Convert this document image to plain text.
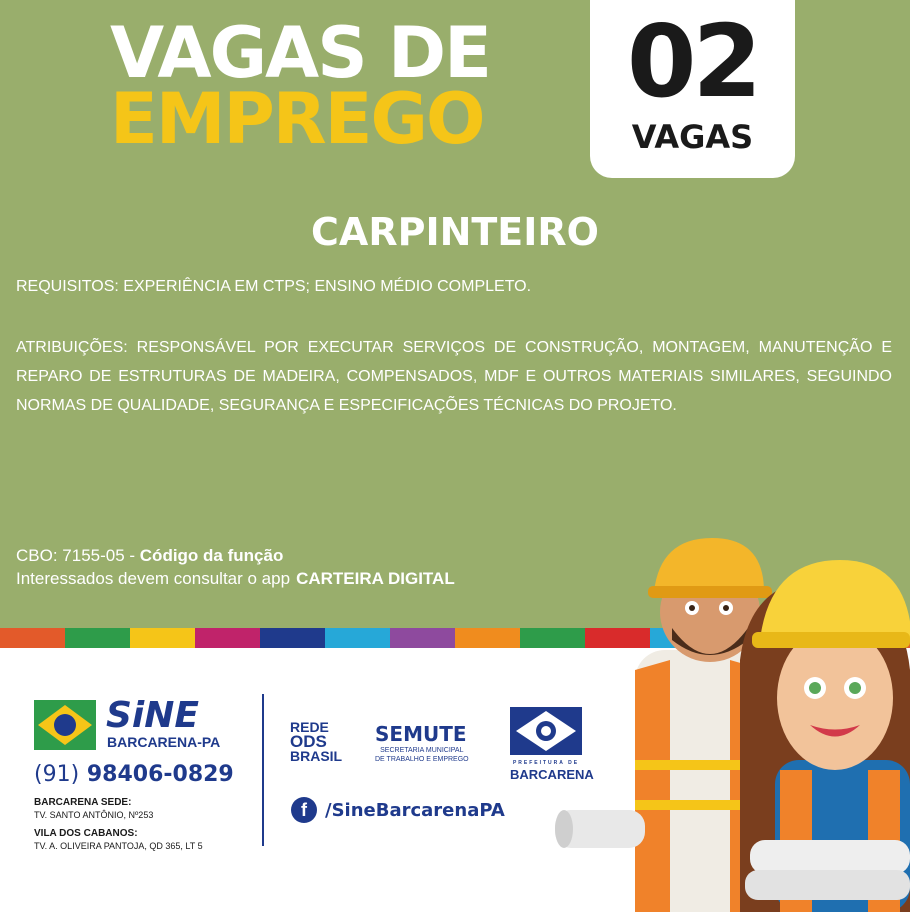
VAGAS DE
EMPREGO	02
VAGAS
CARPINTEIRO
REQUISITOS: EXPERIÊNCIA EM CTPS; ENSINO MÉDIO COMPLETO.
ATRIBUIÇÕES: RESPONSÁVEL POR EXECUTAR SERVIÇOS DE CONSTRUÇÃO, MONTAGEM, MANUTENÇÃO E REPARO DE ESTRUTURAS DE MADEIRA, COMPENSADOS, MDF E OUTROS MATERIAIS SIMILARES, SEGUINDO NORMAS DE QUALIDADE, SEGURANÇA E ESPECIFICAÇÕES TÉCNICAS DO PROJETO.
CBO: 7155-05 - Código da função
Interessados devem consultar o app CARTEIRA DIGITAL
SiNE
BARCARENA-PA
(91) 98406-0829
BARCARENA SEDE:
TV. SANTO ANTÔNIO, Nº253
VILA DOS CABANOS:
TV. A. OLIVEIRA PANTOJA, QD 365, LT 5
REDE
ODS
BRASIL
SEMUTE
SECRETARIA MUNICIPAL
DE TRABALHO E EMPREGO	PREFEITURA DE
BARCARENA
f	/SineBarcarenaPA
